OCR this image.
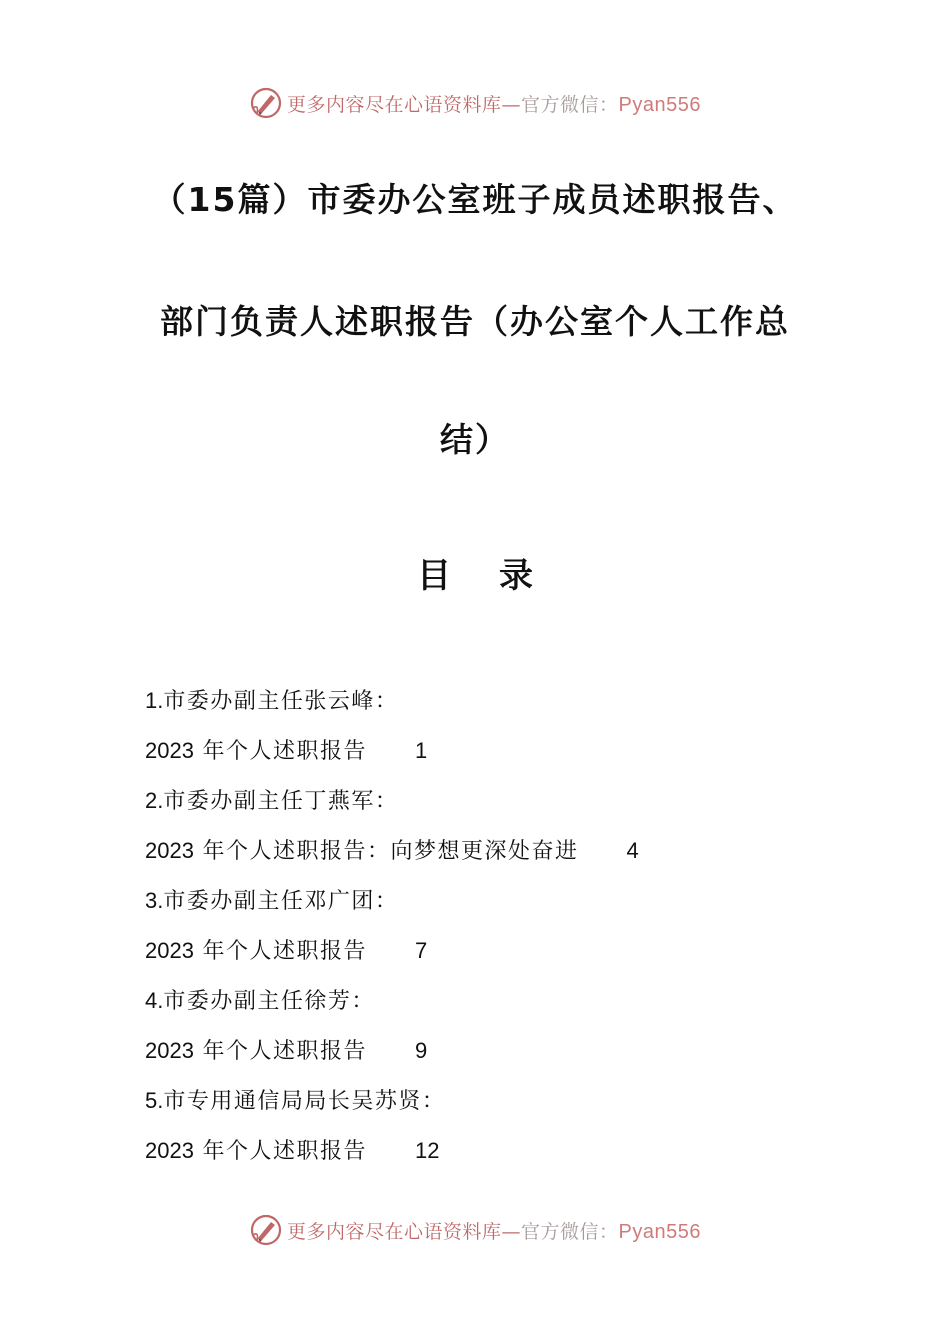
更多内容尽在心语资料库—官方微信：Pyan556
（15篇）市委办公室班子成员述职报告、
部门负责人述职报告（办公室个人工作总
结）
目 录
1.市委办副主任张云峰：
2023 年个人述职报告 1
2.市委办副主任丁燕军：
2023 年个人述职报告：向梦想更深处奋进 4
3.市委办副主任邓广团：
2023 年个人述职报告 7
4.市委办副主任徐芳：
2023 年个人述职报告 9
5.市专用通信局局长吴苏贤：
2023 年个人述职报告 12
更多内容尽在心语资料库—官方微信：Pyan556
